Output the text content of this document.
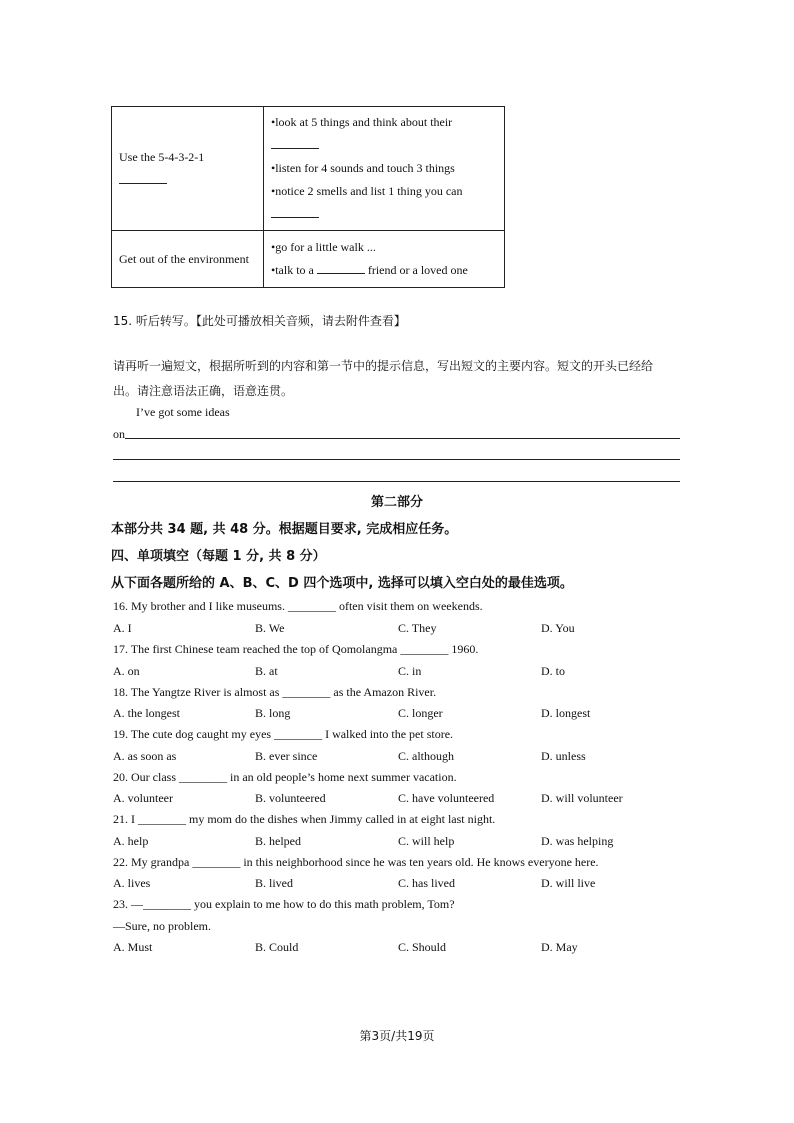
Use the 5-4-3-2-1	•look at 5 things and think about their
•listen for 4 sounds and touch 3 things
•notice 2 smells and list 1 thing you can

Get out of the environment	•go for a little walk ...
•talk to a friend or a loved one
15. 听后转写。【此处可播放相关音频，请去附件查看】
请再听一遍短文，根据所听到的内容和第一节中的提示信息，写出短文的主要内容。短文的开头已经给
出。请注意语法正确，语意连贯。
I’ve got some ideas
on
第二部分
本部分共 34 题, 共 48 分。根据题目要求, 完成相应任务。
四、单项填空（每题 1 分, 共 8 分）
从下面各题所给的 A、B、C、D 四个选项中, 选择可以填入空白处的最佳选项。
16. My brother and I like museums. ________ often visit them on weekends.
A. I	B. We	C. They	D. You
17. The first Chinese team reached the top of Qomolangma ________ 1960.
A. on	B. at	C. in	D. to
18. The Yangtze River is almost as ________ as the Amazon River.
A. the longest	B. long	C. longer	D. longest
19. The cute dog caught my eyes ________ I walked into the pet store.
A. as soon as	B. ever since	C. although	D. unless
20. Our class ________ in an old people’s home next summer vacation.
A. volunteer	B. volunteered	C. have volunteered	D. will volunteer
21. I ________ my mom do the dishes when Jimmy called in at eight last night.
A. help	B. helped	C. will help	D. was helping
22. My grandpa ________ in this neighborhood since he was ten years old. He knows everyone here.
A. lives	B. lived	C. has lived	D. will live
23. —________ you explain to me how to do this math problem, Tom?
—Sure, no problem.
A. Must	B. Could	C. Should	D. May
第3页/共19页
